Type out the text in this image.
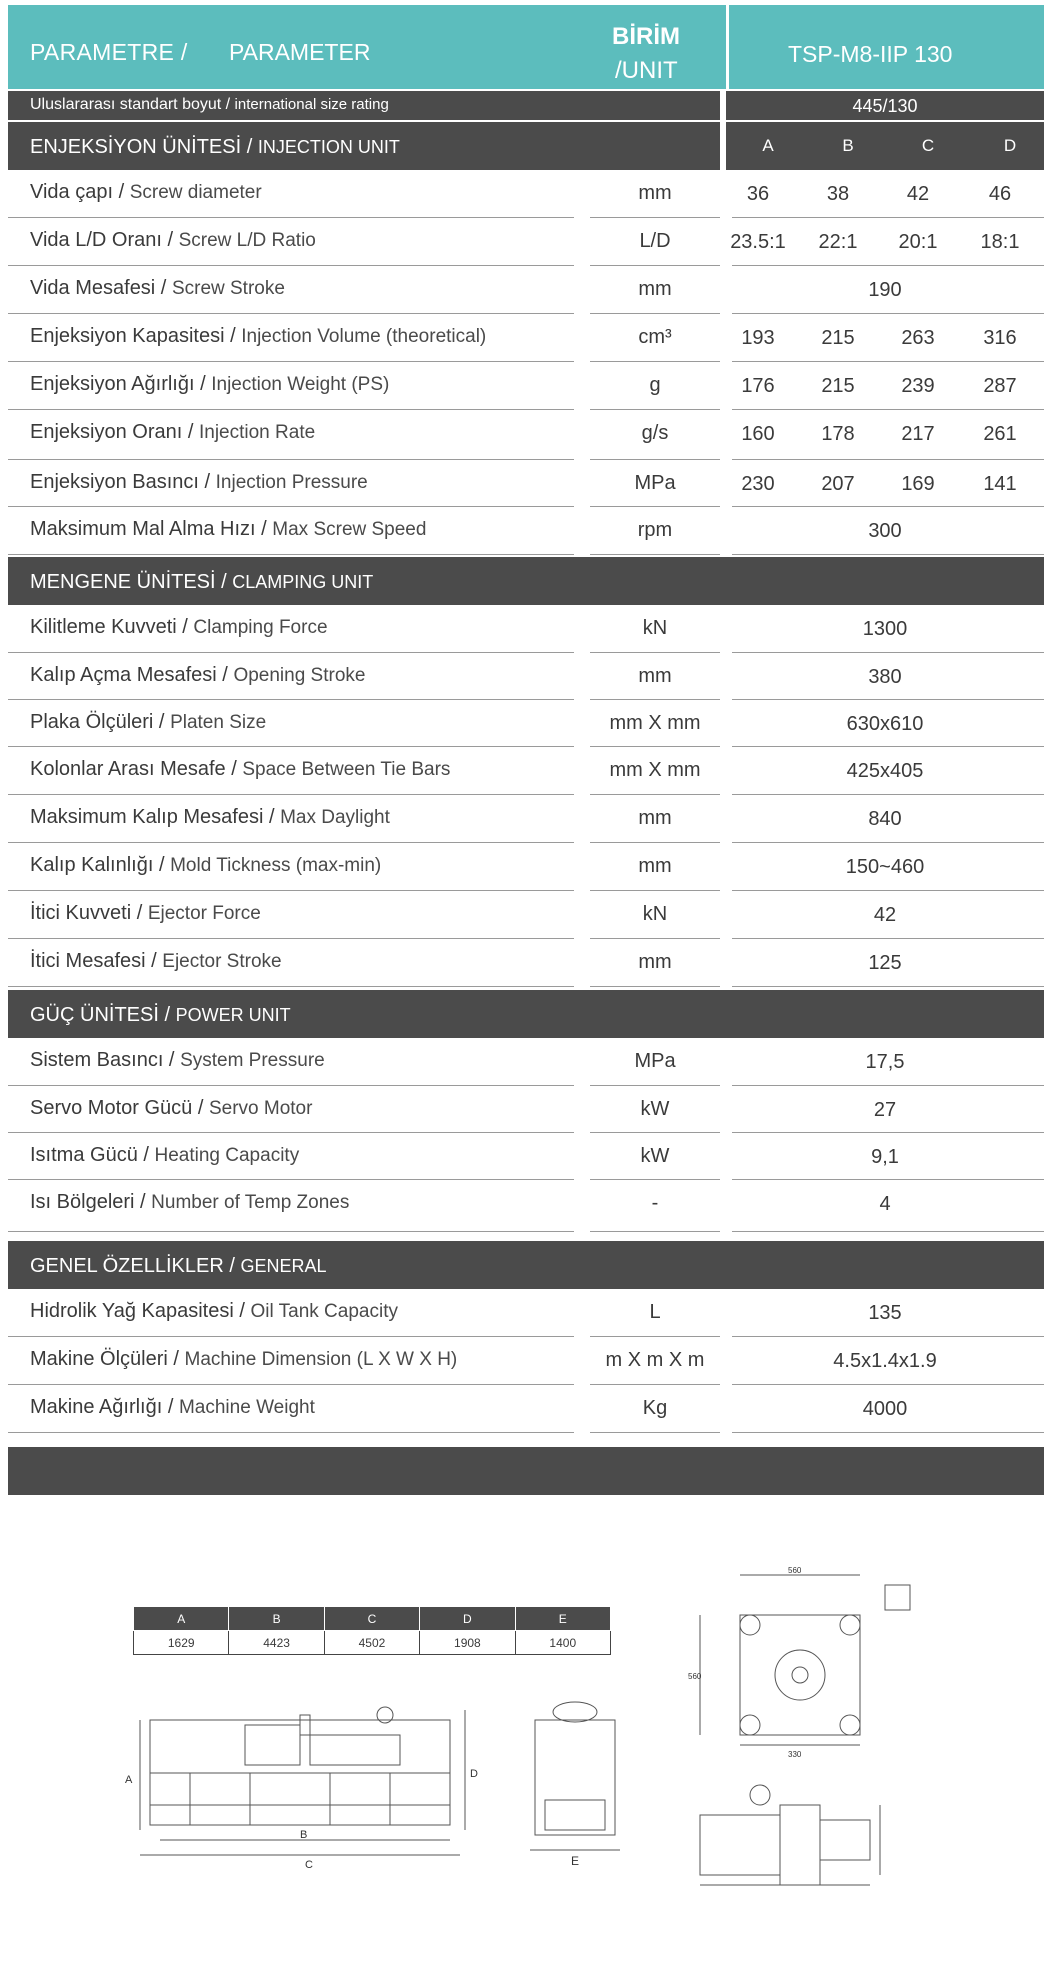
PARAMETRE / PARAMETER
BİRİM
/UNIT
TSP-M8-IIP 130
Uluslararası standart boyut / international size rating	445/130
ENJEKSİYON ÜNİTESİ / INJECTION UNIT	A	B	C	D
Vida çapı / Screw diameter	mm	36	38	42	46
Vida L/D Oranı / Screw L/D Ratio	L/D	23.5:1	22:1	20:1	18:1
Vida Mesafesi / Screw Stroke	mm	190
Enjeksiyon Kapasitesi / Injection Volume (theoretical)	cm³	193	215	263	316
Enjeksiyon Ağırlığı / Injection Weight (PS)	g	176	215	239	287
Enjeksiyon Oranı / Injection Rate	g/s	160	178	217	261
Enjeksiyon Basıncı / Injection Pressure	MPa	230	207	169	141
Maksimum Mal Alma Hızı / Max Screw Speed	rpm	300
MENGENE ÜNİTESİ / CLAMPING UNIT
Kilitleme Kuvveti / Clamping Force	kN	1300
Kalıp Açma Mesafesi / Opening Stroke	mm	380
Plaka Ölçüleri / Platen Size	mm X mm	630x610
Kolonlar Arası Mesafe / Space Between Tie Bars	mm X mm	425x405
Maksimum Kalıp Mesafesi / Max Daylight	mm	840
Kalıp Kalınlığı / Mold Tickness (max-min)	mm	150~460
İtici Kuvveti / Ejector Force	kN	42
İtici Mesafesi / Ejector Stroke	mm	125
GÜÇ ÜNİTESİ / POWER UNIT
Sistem Basıncı / System Pressure	MPa	17,5
Servo Motor Gücü / Servo Motor	kW	27
Isıtma Gücü / Heating Capacity	kW	9,1
Isı Bölgeleri / Number of Temp Zones	-	4
GENEL ÖZELLİKLER / GENERAL
Hidrolik Yağ Kapasitesi / Oil Tank Capacity	L	135
Makine Ölçüleri / Machine Dimension (L X W X H)	m X m X m	4.5x1.4x1.9
Makine Ağırlığı / Machine Weight	Kg	4000
A	B	C	D	E
1629	4423	4502	1908	1400
A
B
C
D
E
560
330
560
